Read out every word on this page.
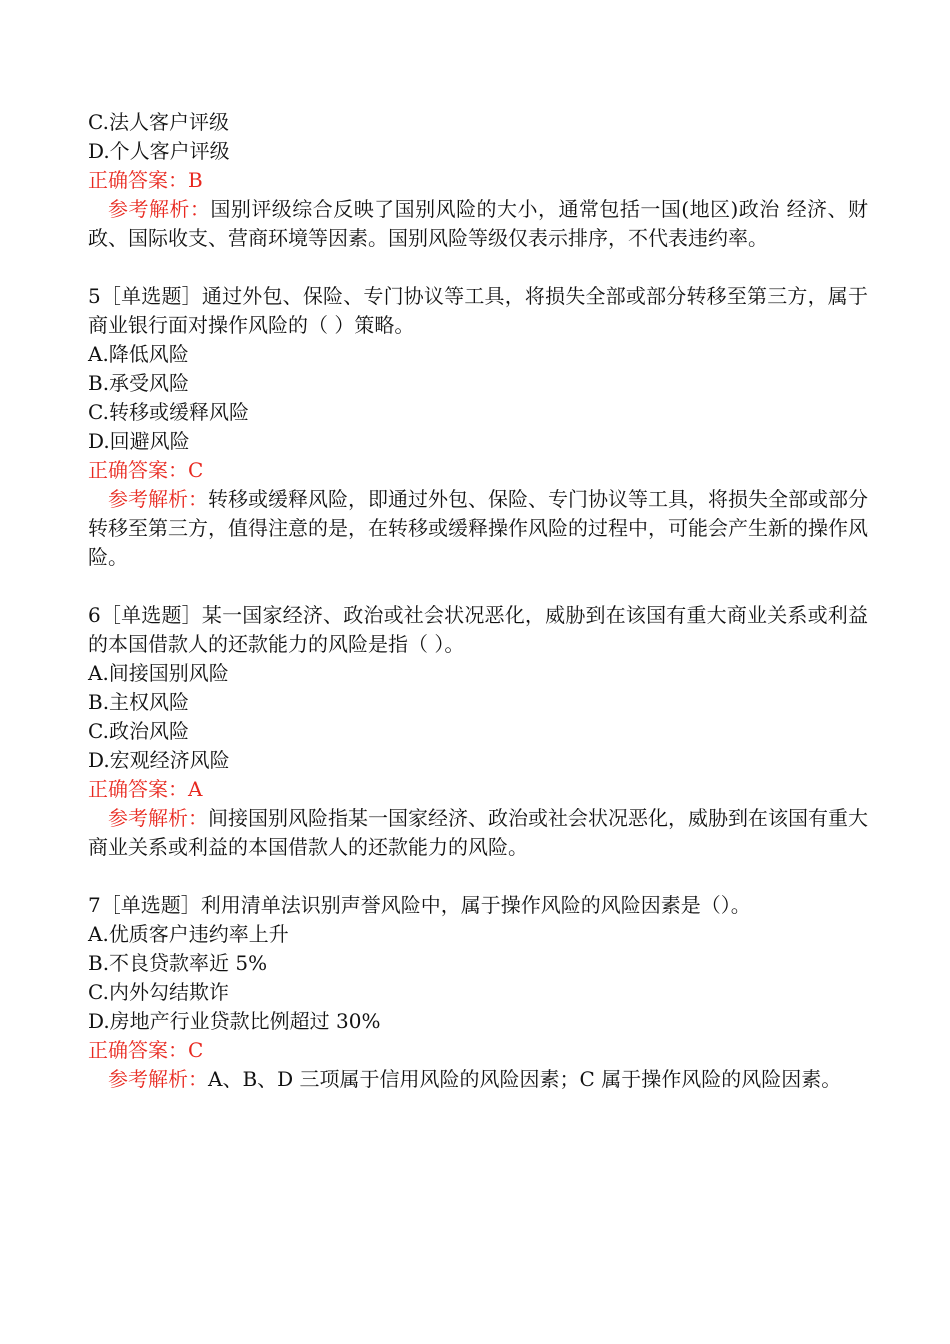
C.法人客户评级
D.个人客户评级
正确答案：B
参考解析：国别评级综合反映了国别风险的大小，通常包括一国(地区)政治 经济、财政、国际收支、营商环境等因素。国别风险等级仅表示排序，不代表违约率。
5［单选题］通过外包、保险、专门协议等工具，将损失全部或部分转移至第三方，属于商业银行面对操作风险的（ ）策略。
A.降低风险
B.承受风险
C.转移或缓释风险
D.回避风险
正确答案：C
参考解析：转移或缓释风险，即通过外包、保险、专门协议等工具，将损失全部或部分转移至第三方，值得注意的是，在转移或缓释操作风险的过程中，可能会产生新的操作风险。
6［单选题］某一国家经济、政治或社会状况恶化，威胁到在该国有重大商业关系或利益的本国借款人的还款能力的风险是指（ ）。
A.间接国别风险
B.主权风险
C.政治风险
D.宏观经济风险
正确答案：A
参考解析：间接国别风险指某一国家经济、政治或社会状况恶化，威胁到在该国有重大商业关系或利益的本国借款人的还款能力的风险。
7［单选题］利用清单法识别声誉风险中，属于操作风险的风险因素是（）。
A.优质客户违约率上升
B.不良贷款率近 5%
C.内外勾结欺诈
D.房地产行业贷款比例超过 30%
正确答案：C
参考解析：A、B、D 三项属于信用风险的风险因素；C 属于操作风险的风险因素。
